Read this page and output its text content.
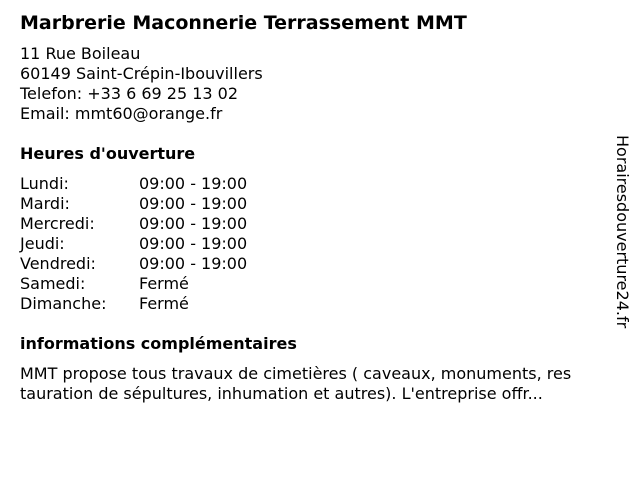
Marbrerie Maconnerie Terrassement MMT
11 Rue Boileau
60149 Saint-Crépin-Ibouvillers
Telefon: +33 6 69 25 13 02
Email: mmt60@orange.fr
Heures d'ouverture
Lundi:	09:00 - 19:00
Mardi:	09:00 - 19:00
Mercredi:	09:00 - 19:00
Jeudi:	09:00 - 19:00
Vendredi:	09:00 - 19:00
Samedi:	Fermé
Dimanche:	Fermé
informations complémentaires
MMT propose tous travaux de cimetières ( caveaux, monuments, res
tauration de sépultures, inhumation et autres). L'entreprise offr...
Horairesdouverture24.fr
